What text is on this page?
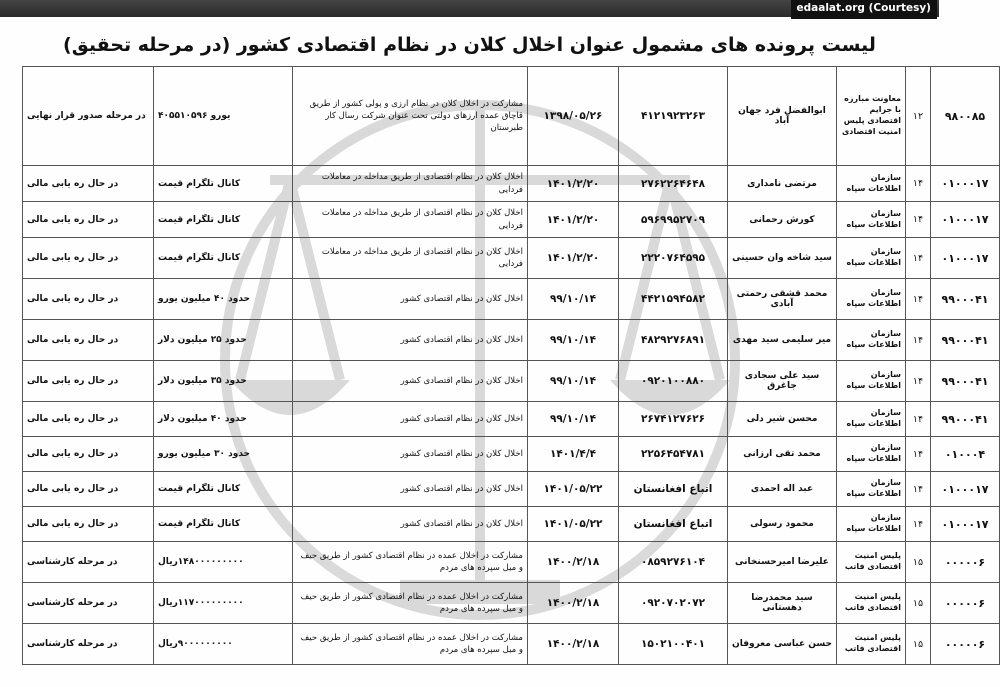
edaalat.org (Courtesy)
لیست پرونده های مشمول عنوان اخلال کلان در نظام اقتصادی کشور (در مرحله تحقیق)
۹۸۰۰۸۵	۱۲	معاونت مبارزه با جرایم اقتصادی پلیس امنیت اقتصادی	ابوالفضل فرد جهان آباد	۴۱۲۱۹۲۳۲۶۳	۱۳۹۸/۰۵/۲۶	مشارکت در اخلال کلان در نظام ارزی و پولی کشور از طریق قاچاق عمده ارزهای دولتی تحت عنوان شرکت رسال کار طبرستان	یورو ۴۰۵۵۱۰۵۹۶	در مرحله صدور قرار نهایی
۰۱۰۰۰۱۷	۱۴	سازمان اطلاعات سپاه	مرتضی نامداری	۲۷۶۲۲۶۴۶۴۸	۱۴۰۱/۲/۲۰	اخلال کلان در نظام اقتصادی از طریق مداخله در معاملات فردایی	کانال تلگرام قیمت	در حال ره یابی مالی
۰۱۰۰۰۱۷	۱۴	سازمان اطلاعات سپاه	کورش رحمانی	۵۹۶۹۹۵۲۷۰۹	۱۴۰۱/۲/۲۰	اخلال کلان در نظام اقتصادی از طریق مداخله در معاملات فردایی	کانال تلگرام قیمت	در حال ره یابی مالی
۰۱۰۰۰۱۷	۱۴	سازمان اطلاعات سپاه	سید شاخه وان حسینی	۲۲۲۰۷۶۴۵۹۵	۱۴۰۱/۲/۲۰	اخلال کلان در نظام اقتصادی از طریق مداخله در معاملات فردایی	کانال تلگرام قیمت	در حال ره یابی مالی
۹۹۰۰۰۴۱	۱۴	سازمان اطلاعات سپاه	محمد قشقی رحمتی آبادی	۴۴۲۱۵۹۴۵۸۲	۹۹/۱۰/۱۴	اخلال کلان در نظام اقتصادی کشور	حدود ۴۰ میلیون یورو	در حال ره یابی مالی
۹۹۰۰۰۴۱	۱۴	سازمان اطلاعات سپاه	میر سلیمی سید مهدی	۴۸۲۹۲۷۶۸۹۱	۹۹/۱۰/۱۴	اخلال کلان در نظام اقتصادی کشور	حدود ۲۵ میلیون دلار	در حال ره یابی مالی
۹۹۰۰۰۴۱	۱۴	سازمان اطلاعات سپاه	سید علی سجادی جاغرق	۰۹۲۰۱۰۰۸۸۰	۹۹/۱۰/۱۴	اخلال کلان در نظام اقتصادی کشور	حدود ۳۵ میلیون دلار	در حال ره یابی مالی
۹۹۰۰۰۴۱	۱۴	سازمان اطلاعات سپاه	محسن شیر دلی	۲۶۷۴۱۲۷۶۲۶	۹۹/۱۰/۱۴	اخلال کلان در نظام اقتصادی کشور	حدود ۴۰ میلیون دلار	در حال ره یابی مالی
۰۱۰۰۰۴	۱۴	سازمان اطلاعات سپاه	محمد تقی ارزانی	۲۲۵۶۴۵۴۷۸۱	۱۴۰۱/۴/۴	اخلال کلان در نظام اقتصادی کشور	حدود ۳۰ میلیون یورو	در حال ره یابی مالی
۰۱۰۰۰۱۷	۱۴	سازمان اطلاعات سپاه	عبد اله احمدی	اتباع افغانستان	۱۴۰۱/۰۵/۲۲	اخلال کلان در نظام اقتصادی کشور	کانال تلگرام قیمت	در حال ره یابی مالی
۰۱۰۰۰۱۷	۱۴	سازمان اطلاعات سپاه	محمود رسولی	اتباع افغانستان	۱۴۰۱/۰۵/۲۲	اخلال کلان در نظام اقتصادی کشور	کانال تلگرام قیمت	در حال ره یابی مالی
۰۰۰۰۰۶	۱۵	پلیس امنیت اقتصادی فاتب	علیرضا امیرحسنخانی	۰۸۵۹۲۷۶۱۰۴	۱۴۰۰/۲/۱۸	مشارکت در اخلال عمده در نظام اقتصادی کشور از طریق حیف و میل سپرده های مردم	۱۴۸۰۰۰۰۰۰۰۰۰ریال	در مرحله کارشناسی
۰۰۰۰۰۶	۱۵	پلیس امنیت اقتصادی فاتب	سید محمدرضا دهستانی	۰۹۲۰۷۰۲۰۷۲	۱۴۰۰/۲/۱۸	مشارکت در اخلال عمده در نظام اقتصادی کشور از طریق حیف و میل سپرده های مردم	۱۱۷۰۰۰۰۰۰۰۰۰ریال	در مرحله کارشناسی
۰۰۰۰۰۶	۱۵	پلیس امنیت اقتصادی فاتب	حسن عباسی معروفان	۱۵۰۲۱۰۰۴۰۱	۱۴۰۰/۲/۱۸	مشارکت در اخلال عمده در نظام اقتصادی کشور از طریق حیف و میل سپرده های مردم	۹۰۰۰۰۰۰۰۰۰ریال	در مرحله کارشناسی
